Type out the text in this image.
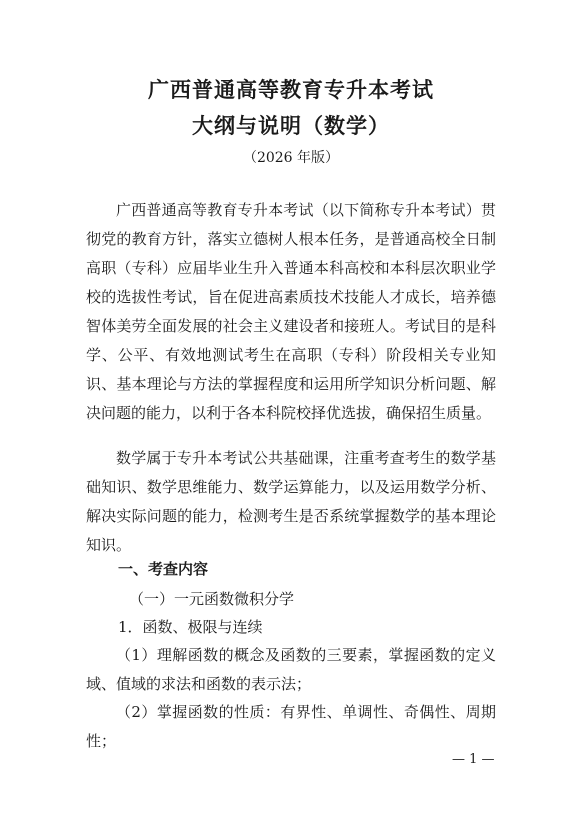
广西普通高等教育专升本考试
大纲与说明（数学）
（2026 年版）

广西普通高等教育专升本考试（以下简称专升本考试）贯彻党的教育方针，落实立德树人根本任务，是普通高校全日制高职（专科）应届毕业生升入普通本科高校和本科层次职业学校的选拔性考试，旨在促进高素质技术技能人才成长，培养德智体美劳全面发展的社会主义建设者和接班人。考试目的是科学、公平、有效地测试考生在高职（专科）阶段相关专业知识、基本理论与方法的掌握程度和运用所学知识分析问题、解决问题的能力，以利于各本科院校择优选拔，确保招生质量。

数学属于专升本考试公共基础课，注重考查考生的数学基础知识、数学思维能力、数学运算能力，以及运用数学分析、解决实际问题的能力，检测考生是否系统掌握数学的基本理论知识。

一、考查内容
（一）一元函数微积分学
1．函数、极限与连续

（1）理解函数的概念及函数的三要素，掌握函数的定义域、值域的求法和函数的表示法；

（2）掌握函数的性质：有界性、单调性、奇偶性、周期性；

— 1 —
